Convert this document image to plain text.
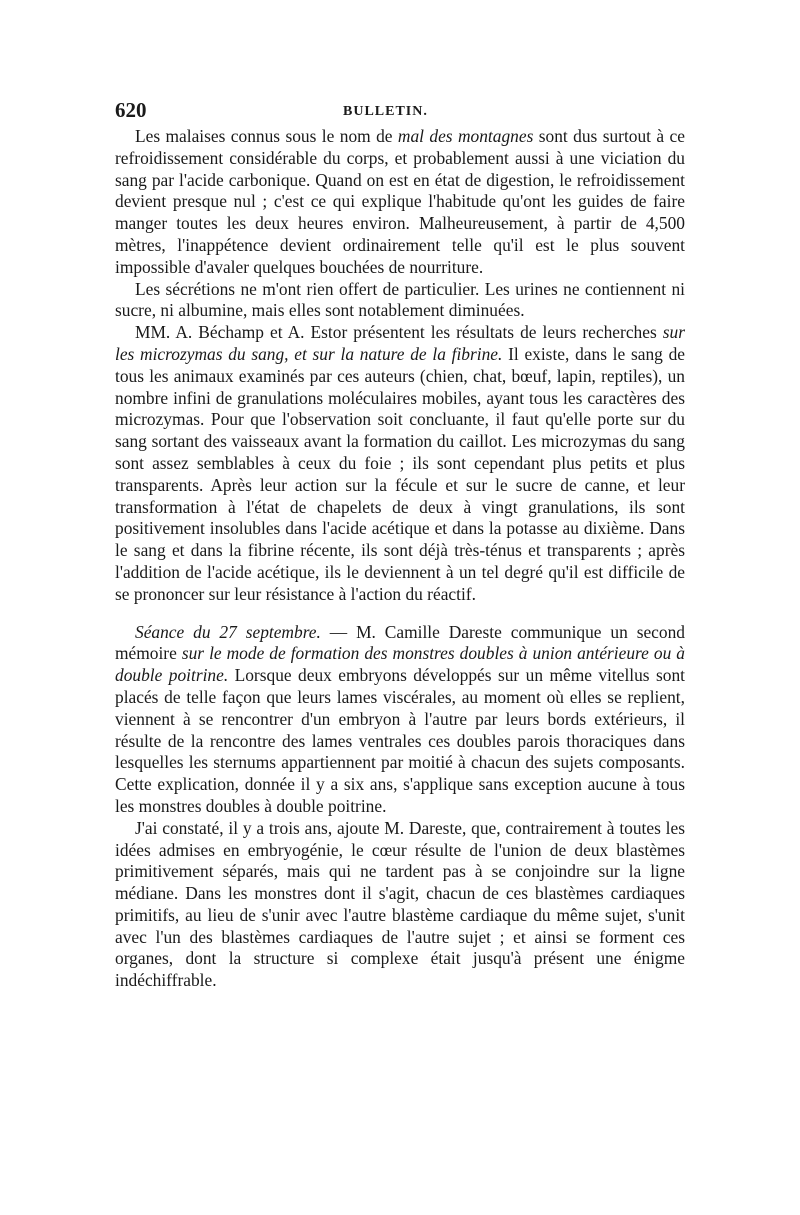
620	BULLETIN.

Les malaises connus sous le nom de mal des montagnes sont dus surtout à ce refroidissement considérable du corps, et probablement aussi à une viciation du sang par l'acide carbonique. Quand on est en état de digestion, le refroidissement devient presque nul ; c'est ce qui explique l'habitude qu'ont les guides de faire manger toutes les deux heures environ. Malheureusement, à partir de 4,500 mètres, l'inappétence devient ordinairement telle qu'il est le plus souvent impossible d'avaler quelques bouchées de nourriture.

Les sécrétions ne m'ont rien offert de particulier. Les urines ne contiennent ni sucre, ni albumine, mais elles sont notablement diminuées.

MM. A. Béchamp et A. Estor présentent les résultats de leurs recherches sur les microzymas du sang, et sur la nature de la fibrine. Il existe, dans le sang de tous les animaux examinés par ces auteurs (chien, chat, bœuf, lapin, reptiles), un nombre infini de granulations moléculaires mobiles, ayant tous les caractères des microzymas. Pour que l'observation soit concluante, il faut qu'elle porte sur du sang sortant des vaisseaux avant la formation du caillot. Les microzymas du sang sont assez semblables à ceux du foie ; ils sont cependant plus petits et plus transparents. Après leur action sur la fécule et sur le sucre de canne, et leur transformation à l'état de chapelets de deux à vingt granulations, ils sont positivement insolubles dans l'acide acétique et dans la potasse au dixième. Dans le sang et dans la fibrine récente, ils sont déjà très-ténus et transparents ; après l'addition de l'acide acétique, ils le deviennent à un tel degré qu'il est difficile de se prononcer sur leur résistance à l'action du réactif.

Séance du 27 septembre. — M. Camille Dareste communique un second mémoire sur le mode de formation des monstres doubles à union antérieure ou à double poitrine. Lorsque deux embryons développés sur un même vitellus sont placés de telle façon que leurs lames viscérales, au moment où elles se replient, viennent à se rencontrer d'un embryon à l'autre par leurs bords extérieurs, il résulte de la rencontre des lames ventrales ces doubles parois thoraciques dans lesquelles les sternums appartiennent par moitié à chacun des sujets composants. Cette explication, donnée il y a six ans, s'applique sans exception aucune à tous les monstres doubles à double poitrine.

J'ai constaté, il y a trois ans, ajoute M. Dareste, que, contrairement à toutes les idées admises en embryogénie, le cœur résulte de l'union de deux blastèmes primitivement séparés, mais qui ne tardent pas à se conjoindre sur la ligne médiane. Dans les monstres dont il s'agit, chacun de ces blastèmes cardiaques primitifs, au lieu de s'unir avec l'autre blastème cardiaque du même sujet, s'unit avec l'un des blastèmes cardiaques de l'autre sujet ; et ainsi se forment ces organes, dont la structure si complexe était jusqu'à présent une énigme indéchiffrable.
